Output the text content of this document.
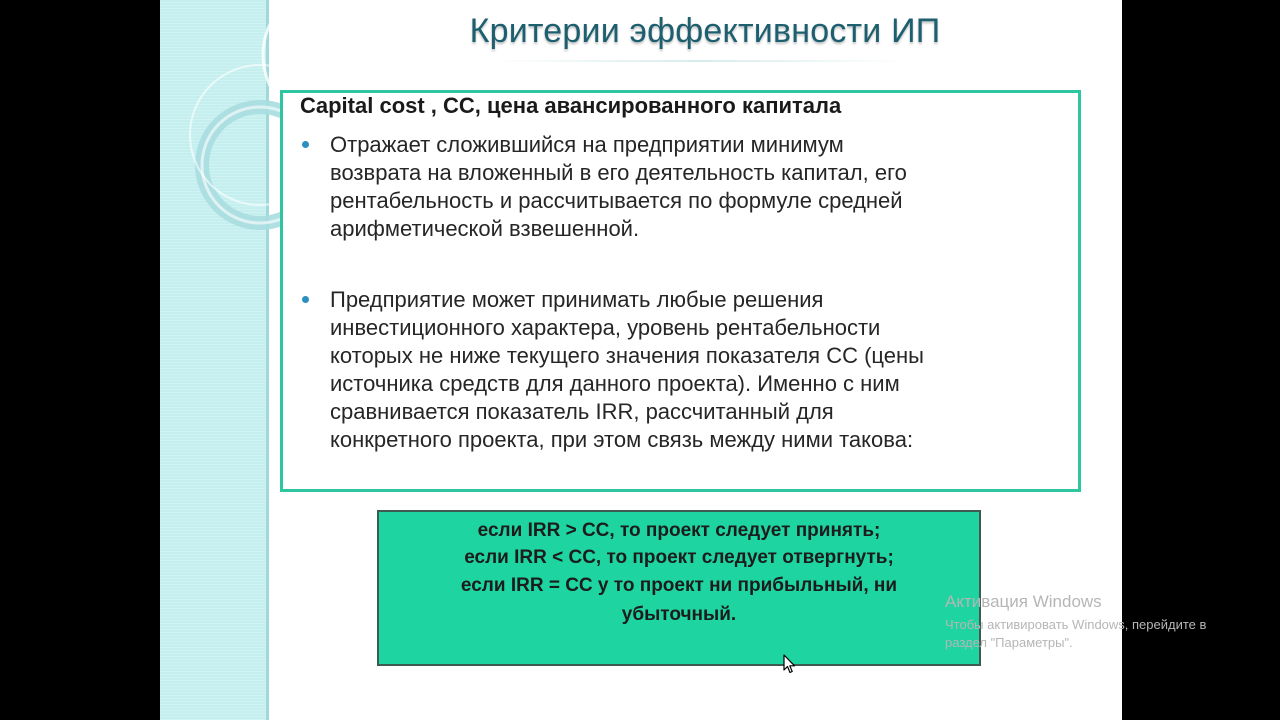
Критерии эффективности ИП
Capital cost , CC, цена авансированного капитала
Отражает сложившийся на предприятии минимум
возврата на вложенный в его деятельность капитал, его
рентабельность и рассчитывается по формуле средней
арифметической взвешенной.
Предприятие может принимать любые решения
инвестиционного характера, уровень рентабельности
которых не ниже текущего значения показателя CC (цены
источника средств для данного проекта). Именно с ним
сравнивается показатель IRR, рассчитанный для
конкретного проекта, при этом связь между ними такова:
если IRR > CC, то проект следует принять;
если IRR < CC, то проект следует отвергнуть;
если IRR = CC y то проект ни прибыльный, ни
убыточный.
Активация Windows
Чтобы активировать Windows, перейдите в
раздел "Параметры".
